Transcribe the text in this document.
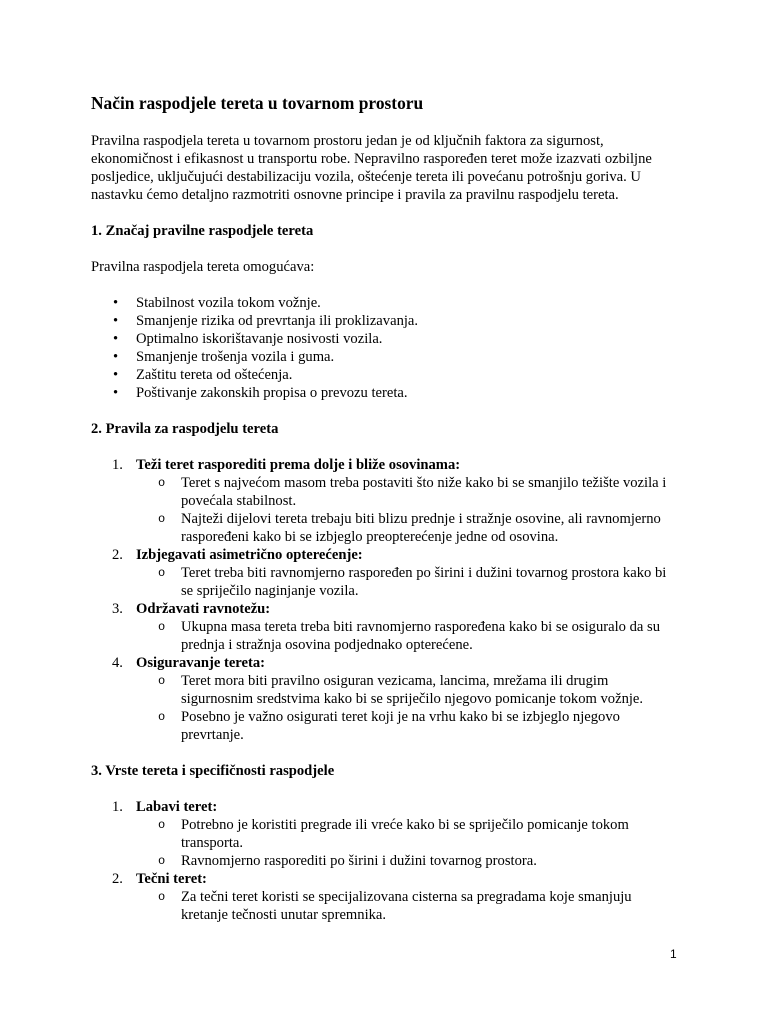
Način raspodjele tereta u tovarnom prostoru

Pravilna raspodjela tereta u tovarnom prostoru jedan je od ključnih faktora za sigurnost, ekonomičnost i efikasnost u transportu robe. Nepravilno raspoređen teret može izazvati ozbiljne posljedice, uključujući destabilizaciju vozila, oštećenje tereta ili povećanu potrošnju goriva. U nastavku ćemo detaljno razmotriti osnovne principe i pravila za pravilnu raspodjelu tereta.

1. Značaj pravilne raspodjele tereta

Pravilna raspodjela tereta omogućava:

• Stabilnost vozila tokom vožnje.
• Smanjenje rizika od prevrtanja ili proklizavanja.
• Optimalno iskorištavanje nosivosti vozila.
• Smanjenje trošenja vozila i guma.
• Zaštitu tereta od oštećenja.
• Poštivanje zakonskih propisa o prevozu tereta.
2. Pravila za raspodjelu tereta
1. Teži teret rasporediti prema dolje i bliže osovinama:
o Teret s najvećom masom treba postaviti što niže kako bi se smanjilo težište vozila i povećala stabilnost.
o Najteži dijelovi tereta trebaju biti blizu prednje i stražnje osovine, ali ravnomjerno raspoređeni kako bi se izbjeglo preopterećenje jedne od osovina.
2. Izbjegavati asimetrično opterećenje:
o Teret treba biti ravnomjerno raspoređen po širini i dužini tovarnog prostora kako bi se spriječilo naginjanje vozila.
3. Održavati ravnotežu:
o Ukupna masa tereta treba biti ravnomjerno raspoređena kako bi se osiguralo da su prednja i stražnja osovina podjednako opterećene.
4. Osiguravanje tereta:
o Teret mora biti pravilno osiguran vezicama, lancima, mrežama ili drugim sigurnosnim sredstvima kako bi se spriječilo njegovo pomicanje tokom vožnje.
o Posebno je važno osigurati teret koji je na vrhu kako bi se izbjeglo njegovo prevrtanje.
3. Vrste tereta i specifičnosti raspodjele
1. Labavi teret:
o Potrebno je koristiti pregrade ili vreće kako bi se spriječilo pomicanje tokom transporta.
o Ravnomjerno rasporediti po širini i dužini tovarnog prostora.
2. Tečni teret:
o Za tečni teret koristi se specijalizovana cisterna sa pregradama koje smanjuju kretanje tečnosti unutar spremnika.
1
